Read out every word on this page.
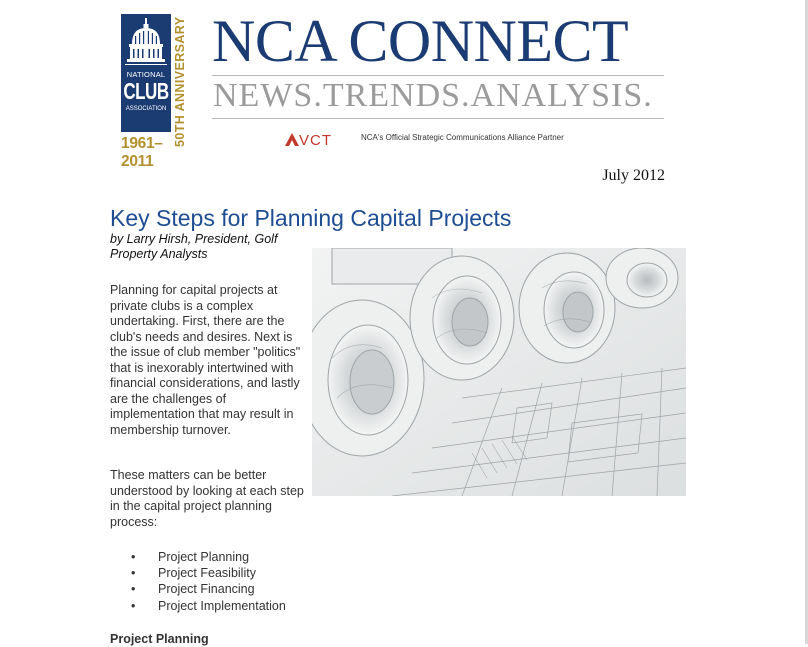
NATIONAL
CLUB
ASSOCIATION 50TH ANNIVERSARY
1961–2011
NCA CONNECT
NEWS.TRENDS.ANALYSIS.
VCT	NCA's Official Strategic Communications Alliance Partner
July 2012
Key Steps for Planning Capital Projects
by Larry Hirsh, President, Golf Property Analysts
Planning for capital projects at private clubs is a complex undertaking. First, there are the club's needs and desires. Next is the issue of club member "politics" that is inexorably intertwined with financial considerations, and lastly are the challenges of implementation that may result in membership turnover.
These matters can be better understood by looking at each step in the capital project planning process:
• Project Planning
• Project Feasibility
• Project Financing
• Project Implementation
Project Planning
